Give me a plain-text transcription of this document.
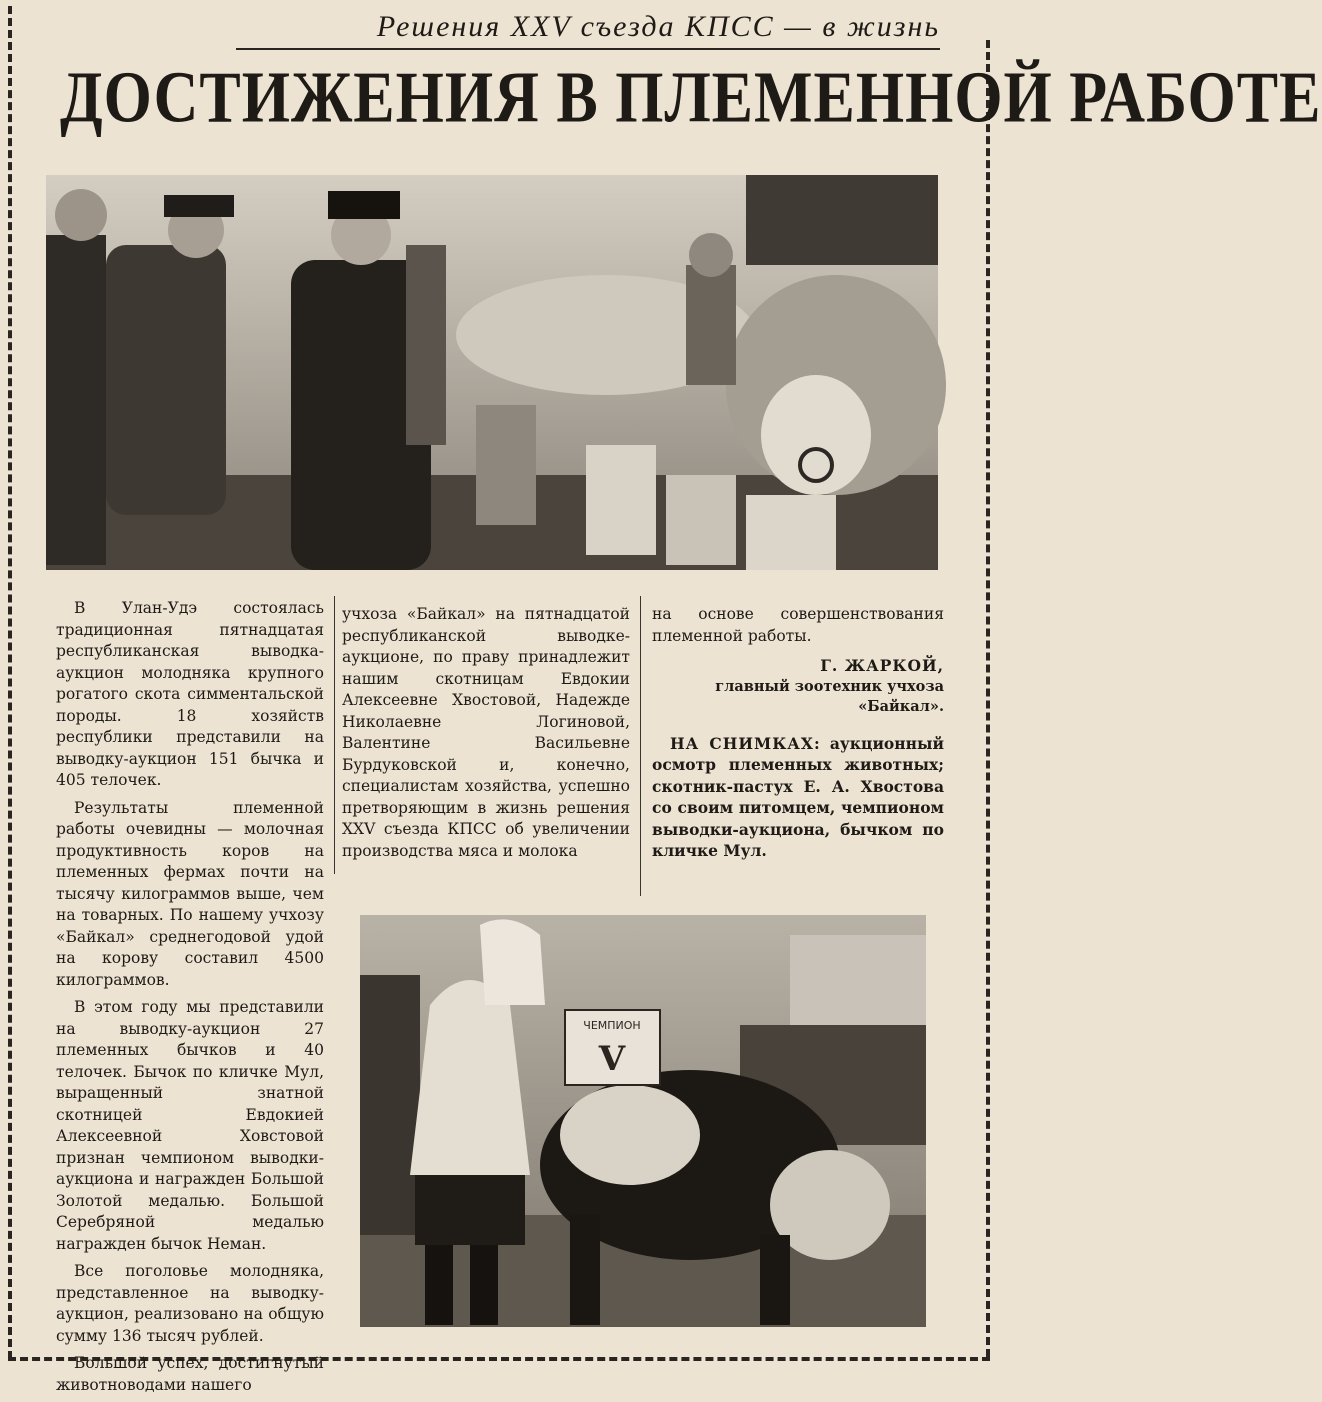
Решения XXV съезда КПСС — в жизнь
ДОСТИЖЕНИЯ В ПЛЕМЕННОЙ РАБОТЕ

В Улан-Удэ состоялась традиционная пятнадцатая республиканская выводка-аукцион молодняка крупного рогатого скота симментальской породы. 18 хозяйств республики представили на выводку-аукцион 151 бычка и 405 телочек.

Результаты племенной работы очевидны — молочная продуктивность коров на племенных фермах почти на тысячу килограммов выше, чем на товарных. По нашему учхозу «Байкал» среднегодовой удой на корову составил 4500 килограммов.

В этом году мы представили на выводку-аукцион 27 племенных бычков и 40 телочек. Бычок по кличке Мул, выращенный знатной скотницей Евдокией Алексеевной Ховстовой признан чемпионом выводки-аукциона и награжден Большой Золотой медалью. Большой Серебряной медалью награжден бычок Неман.

Все поголовье молодняка, представленное на выводку-аукцион, реализовано на общую сумму 136 тысяч рублей.

Большой успех, достигнутый животноводами нашего

учхоза «Байкал» на пятнадцатой республиканской выводке-аукционе, по праву принадлежит нашим скотницам Евдокии Алексеевне Хвостовой, Надежде Николаевне Логиновой, Валентине Васильевне Бурдуковской и, конечно, специалистам хозяйства, успешно претворяющим в жизнь решения XXV съезда КПСС об увеличении производства мяса и молока

на основе совершенствования племенной работы.

Г. ЖАРКОЙ,
главный зоотехник учхоза «Байкал».
НА СНИМКАХ: аукционный осмотр племенных животных; скотник-пастух Е. А. Хвостова со своим питомцем, чемпионом выводки-аукциона, бычком по кличке Мул.
ЧЕМПИОН
V
